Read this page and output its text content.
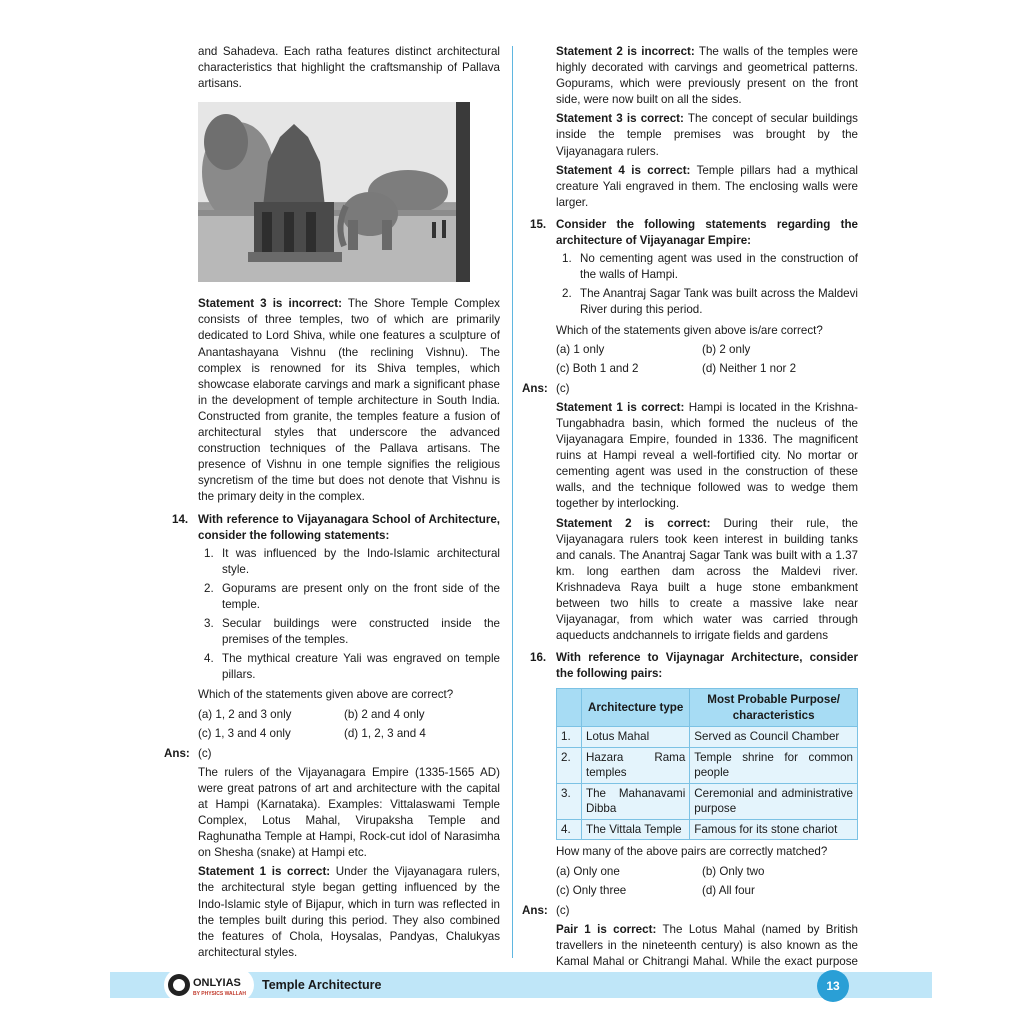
and Sahadeva. Each ratha features distinct architectural characteristics that highlight the craftsmanship of Pallava artisans.

Statement 3 is incorrect: The Shore Temple Complex consists of three temples, two of which are primarily dedicated to Lord Shiva, while one features a sculpture of Anantashayana Vishnu (the reclining Vishnu). The complex is renowned for its Shiva temples, which showcase elaborate carvings and mark a significant phase in the development of temple architecture in South India. Constructed from granite, the temples feature a fusion of architectural styles that underscore the advanced construction techniques of the Pallava artisans. The presence of Vishnu in one temple signifies the religious syncretism of the time but does not denote that Vishnu is the primary deity in the complex.

14. With reference to Vijayanagara School of Architecture, consider the following statements:
1. It was influenced by the Indo-Islamic architectural style.
2. Gopurams are present only on the front side of the temple.
3. Secular buildings were constructed inside the premises of the temples.
4. The mythical creature Yali was engraved on temple pillars.

Which of the statements given above are correct?

(a) 1, 2 and 3 only	(b) 2 and 4 only
(c) 1, 3 and 4 only	(d) 1, 2, 3 and 4
Ans: (c)

The rulers of the Vijayanagara Empire (1335-1565 AD) were great patrons of art and architecture with the capital at Hampi (Karnataka). Examples: Vittalaswami Temple Complex, Lotus Mahal, Virupaksha Temple and Raghunatha Temple at Hampi, Rock-cut idol of Narasimha on Shesha (snake) at Hampi etc.

Statement 1 is correct: Under the Vijayanagara rulers, the architectural style began getting influenced by the Indo-Islamic style of Bijapur, which in turn was reflected in the temples built during this period. They also combined the features of Chola, Hoysalas, Pandyas, Chalukyas architectural styles.

Statement 2 is incorrect: The walls of the temples were highly decorated with carvings and geometrical patterns. Gopurams, which were previously present on the front side, were now built on all the sides.

Statement 3 is correct: The concept of secular buildings inside the temple premises was brought by the Vijayanagara rulers.

Statement 4 is correct: Temple pillars had a mythical creature Yali engraved in them. The enclosing walls were larger.

15. Consider the following statements regarding the architecture of Vijayanagar Empire:
1. No cementing agent was used in the construction of the walls of Hampi.
2. The Anantraj Sagar Tank was built across the Maldevi River during this period.

Which of the statements given above is/are correct?

(a) 1 only	(b) 2 only
(c) Both 1 and 2	(d) Neither 1 nor 2
Ans: (c)

Statement 1 is correct: Hampi is located in the Krishna-Tungabhadra basin, which formed the nucleus of the Vijayanagara Empire, founded in 1336. The magnificent ruins at Hampi reveal a well-fortified city. No mortar or cementing agent was used in the construction of these walls, and the technique followed was to wedge them together by interlocking.

Statement 2 is correct: During their rule, the Vijayanagara rulers took keen interest in building tanks and canals. The Anantraj Sagar Tank was built with a 1.37 km. long earthen dam across the Maldevi river. Krishnadeva Raya built a huge stone embankment between two hills to create a massive lake near Vijayanagar, from which water was carried through aqueducts andchannels to irrigate fields and gardens

16. With reference to Vijaynagar Architecture, consider the following pairs:
	Architecture type	Most Probable Purpose/ characteristics
1.	Lotus Mahal	Served as Council Chamber
2.	Hazara Rama temples	Temple shrine for common people
3.	The Mahanavami Dibba	Ceremonial and administrative purpose
4.	The Vittala Temple	Famous for its stone chariot

How many of the above pairs are correctly matched?

(a) Only one	(b) Only two
(c) Only three	(d) All four
Ans: (c)

Pair 1 is correct: The Lotus Mahal (named by British travellers in the nineteenth century) is also known as the Kamal Mahal or Chitrangi Mahal. While the exact purpose

ONLYIAS
BY PHYSICS WALLAH
Temple Architecture	13
